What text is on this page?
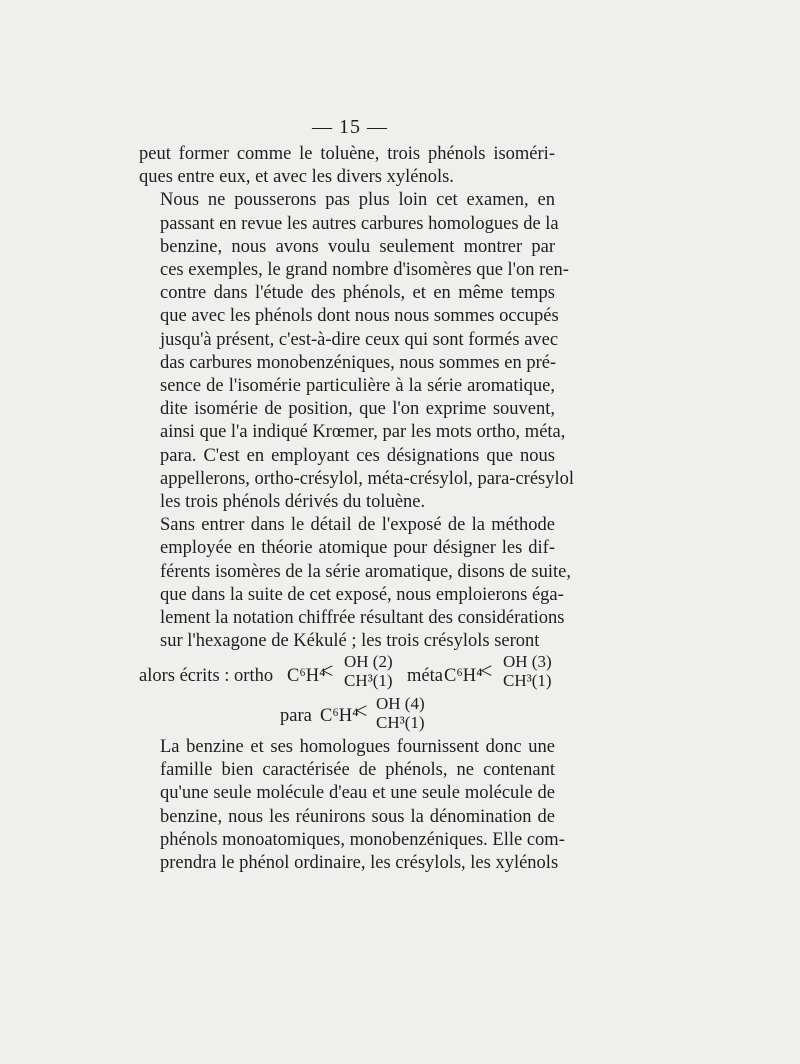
— 15 —

peut former comme le toluène, trois phénols isoméri-
ques entre eux, et avec les divers xylénols.

Nous ne pousserons pas plus loin cet examen, en
passant en revue les autres carbures homologues de la
benzine, nous avons voulu seulement montrer par
ces exemples, le grand nombre d'isomères que l'on ren-
contre dans l'étude des phénols, et en même temps
que avec les phénols dont nous nous sommes occupés
jusqu'à présent, c'est-à-dire ceux qui sont formés avec
das carbures monobenzéniques, nous sommes en pré-
sence de l'isomérie particulière à la série aromatique,
dite isomérie de position, que l'on exprime souvent,
ainsi que l'a indiqué Krœmer, par les mots ortho, méta,
para. C'est en employant ces désignations que nous
appellerons, ortho-crésylol, méta-crésylol, para-crésylol
les trois phénols dérivés du toluène.

Sans entrer dans le détail de l'exposé de la méthode
employée en théorie atomique pour désigner les dif-
férents isomères de la série aromatique, disons de suite,
que dans la suite de cet exposé, nous emploierons éga-
lement la notation chiffrée résultant des considérations
sur l'hexagone de Kékulé ; les trois crésylols seront

alors écrits : ortho C⁶H⁴
< OH (2)
CH³(1) méta C⁶H⁴
< OH (3)
CH³(1)
para C⁶H⁴
< OH (4)
CH³(1)

La benzine et ses homologues fournissent donc une
famille bien caractérisée de phénols, ne contenant
qu'une seule molécule d'eau et une seule molécule de
benzine, nous les réunirons sous la dénomination de
phénols monoatomiques, monobenzéniques. Elle com-
prendra le phénol ordinaire, les crésylols, les xylénols
